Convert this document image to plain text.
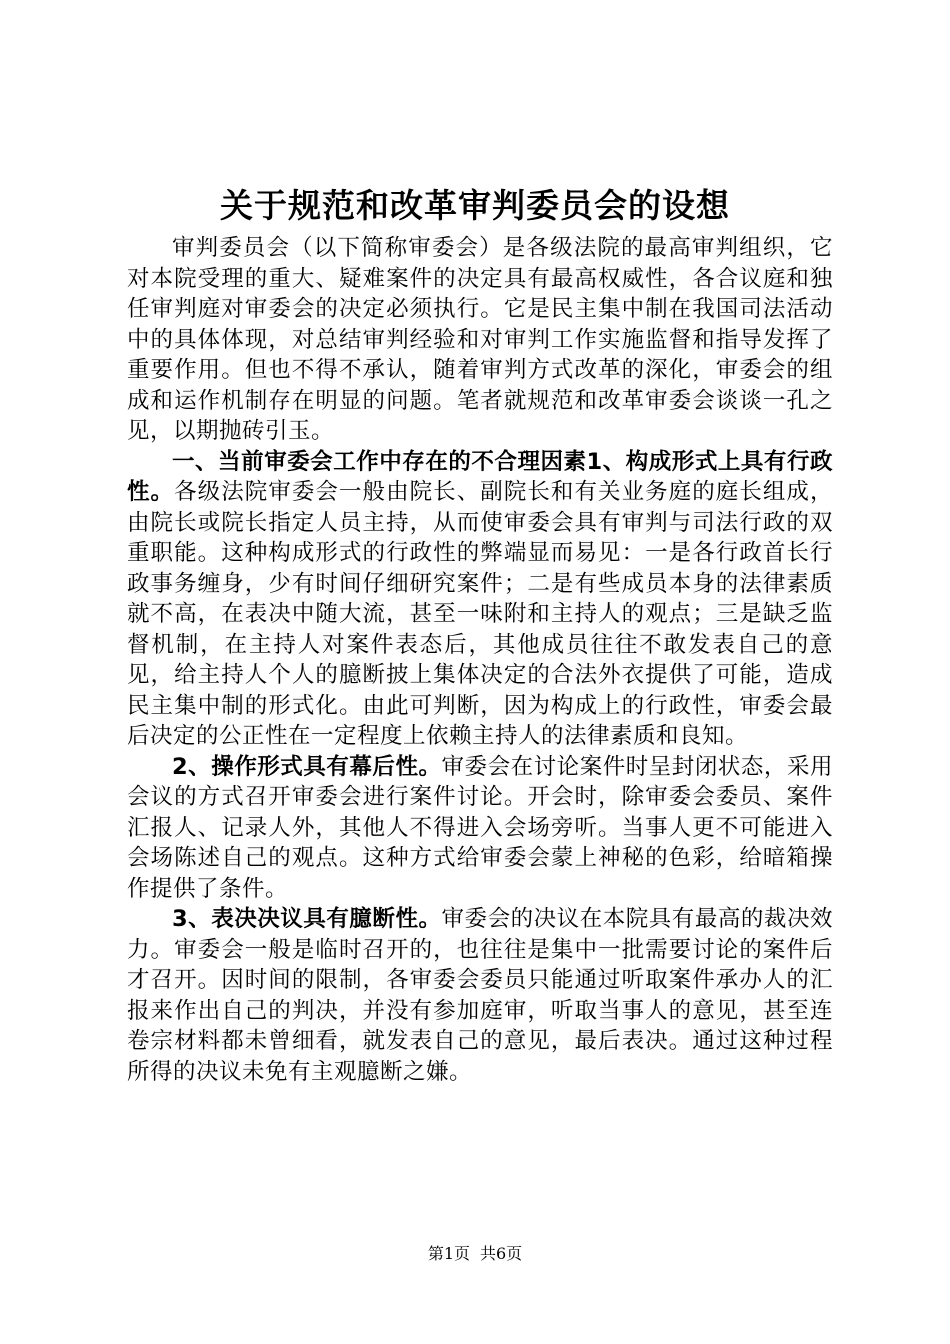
关于规范和改革审判委员会的设想

审判委员会（以下简称审委会）是各级法院的最高审判组织，它对本院受理的重大、疑难案件的决定具有最高权威性，各合议庭和独任审判庭对审委会的决定必须执行。它是民主集中制在我国司法活动中的具体体现，对总结审判经验和对审判工作实施监督和指导发挥了重要作用。但也不得不承认，随着审判方式改革的深化，审委会的组成和运作机制存在明显的问题。笔者就规范和改革审委会谈谈一孔之见，以期抛砖引玉。

一、当前审委会工作中存在的不合理因素1、构成形式上具有行政性。各级法院审委会一般由院长、副院长和有关业务庭的庭长组成，由院长或院长指定人员主持，从而使审委会具有审判与司法行政的双重职能。这种构成形式的行政性的弊端显而易见：一是各行政首长行政事务缠身，少有时间仔细研究案件；二是有些成员本身的法律素质就不高，在表决中随大流，甚至一味附和主持人的观点；三是缺乏监督机制，在主持人对案件表态后，其他成员往往不敢发表自己的意见，给主持人个人的臆断披上集体决定的合法外衣提供了可能，造成民主集中制的形式化。由此可判断，因为构成上的行政性，审委会最后决定的公正性在一定程度上依赖主持人的法律素质和良知。

2、操作形式具有幕后性。审委会在讨论案件时呈封闭状态，采用会议的方式召开审委会进行案件讨论。开会时，除审委会委员、案件汇报人、记录人外，其他人不得进入会场旁听。当事人更不可能进入会场陈述自己的观点。这种方式给审委会蒙上神秘的色彩，给暗箱操作提供了条件。

3、表决决议具有臆断性。审委会的决议在本院具有最高的裁决效力。审委会一般是临时召开的，也往往是集中一批需要讨论的案件后才召开。因时间的限制，各审委会委员只能通过听取案件承办人的汇报来作出自己的判决，并没有参加庭审，听取当事人的意见，甚至连卷宗材料都未曾细看，就发表自己的意见，最后表决。通过这种过程所得的决议未免有主观臆断之嫌。

第1页 共6页
